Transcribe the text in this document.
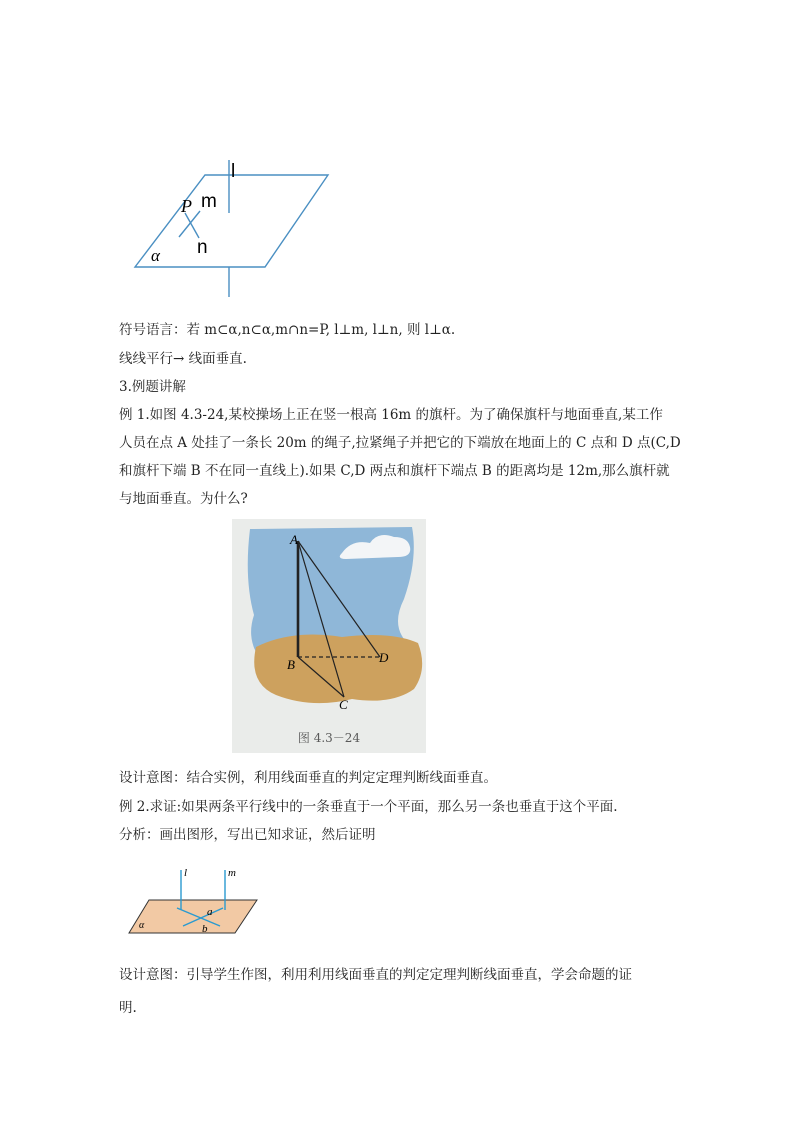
l
m
P
n
α
符号语言：若 m⊂α,n⊂α,m∩n=P, l⊥m, l⊥n, 则 l⊥α.
线线平行→ 线面垂直.
3.例题讲解
例 1.如图 4.3-24,某校操场上正在竖一根高 16m 的旗杆。为了确保旗杆与地面垂直,某工作
人员在点 A 处挂了一条长 20m 的绳子,拉紧绳子并把它的下端放在地面上的 C 点和 D 点(C,D
和旗杆下端 B 不在同一直线上).如果 C,D 两点和旗杆下端点 B 的距离均是 12m,那么旗杆就
与地面垂直。为什么?
A
B	D
C
图 4.3－24
设计意图：结合实例，利用线面垂直的判定定理判断线面垂直。
例 2.求证:如果两条平行线中的一条垂直于一个平面，那么另一条也垂直于这个平面.
分析：画出图形，写出已知求证，然后证明
l	m
a
b
α
设计意图：引导学生作图，利用利用线面垂直的判定定理判断线面垂直，学会命题的证
明.
